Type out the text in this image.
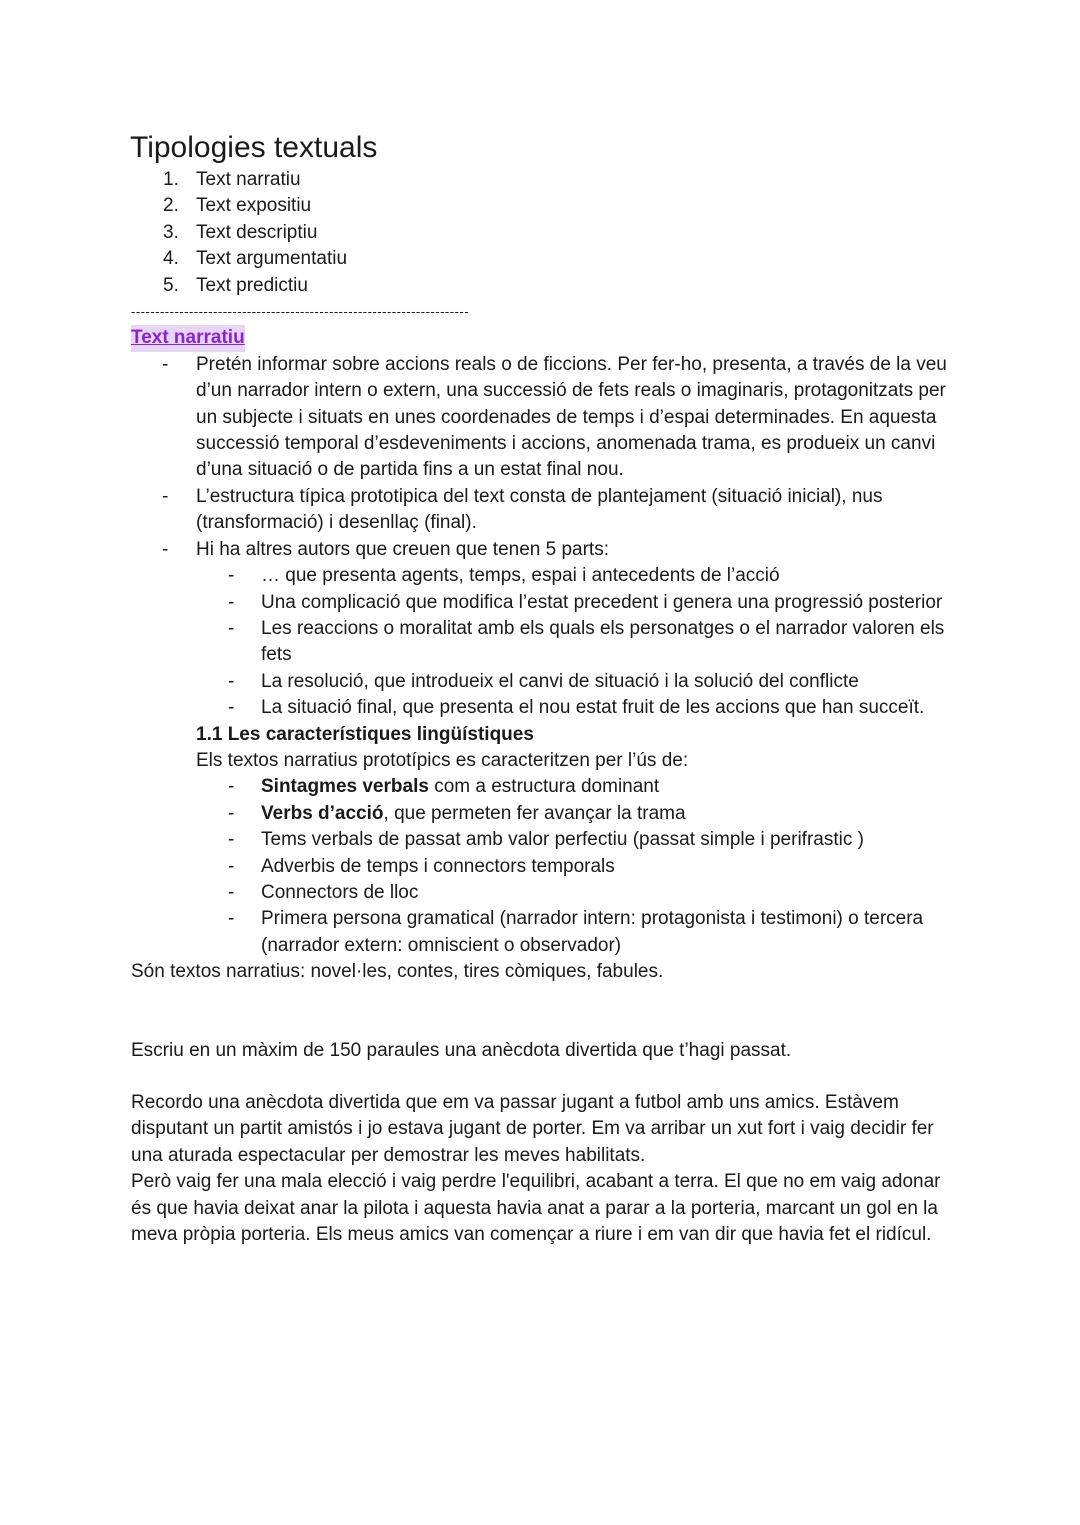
Tipologies textuals
1. Text narratiu
2. Text expositiu
3. Text descriptiu
4. Text argumentatiu
5. Text predictiu
----------------------------------------------------------------------
Text narratiu
- Pretén informar sobre accions reals o de ficcions. Per fer-ho, presenta, a través de la veu d’un narrador intern o extern, una successió de fets reals o imaginaris, protagonitzats per un subjecte i situats en unes coordenades de temps i d’espai determinades. En aquesta successió temporal d’esdeveniments i accions, anomenada trama, es produeix un canvi d’una situació o de partida fins a un estat final nou.
- L’estructura típica prototipica del text consta de plantejament (situació inicial), nus (transformació) i desenllaç (final).
- Hi ha altres autors que creuen que tenen 5 parts:
- … que presenta agents, temps, espai i antecedents de l’acció
- Una complicació que modifica l’estat precedent i genera una progressió posterior
- Les reaccions o moralitat amb els quals els personatges o el narrador valoren els fets
- La resolució, que introdueix el canvi de situació i la solució del conflicte
- La situació final, que presenta el nou estat fruit de les accions que han succeït.
1.1 Les característiques lingüístiques
Els textos narratius prototípics es caracteritzen per l’ús de:
- Sintagmes verbals com a estructura dominant
- Verbs d’acció, que permeten fer avançar la trama
- Tems verbals de passat amb valor perfectiu (passat simple i perifrastic )
- Adverbis de temps i connectors temporals
- Connectors de lloc
- Primera persona gramatical (narrador intern: protagonista i testimoni) o tercera (narrador extern: omniscient o observador)
Són textos narratius: novel·les, contes, tires còmiques, fabules.
Escriu en un màxim de 150 paraules una anècdota divertida que t’hagi passat.
Recordo una anècdota divertida que em va passar jugant a futbol amb uns amics. Estàvem disputant un partit amistós i jo estava jugant de porter. Em va arribar un xut fort i vaig decidir fer una aturada espectacular per demostrar les meves habilitats.
Però vaig fer una mala elecció i vaig perdre l'equilibri, acabant a terra. El que no em vaig adonar és que havia deixat anar la pilota i aquesta havia anat a parar a la porteria, marcant un gol en la meva pròpia porteria. Els meus amics van començar a riure i em van dir que havia fet el ridícul.
